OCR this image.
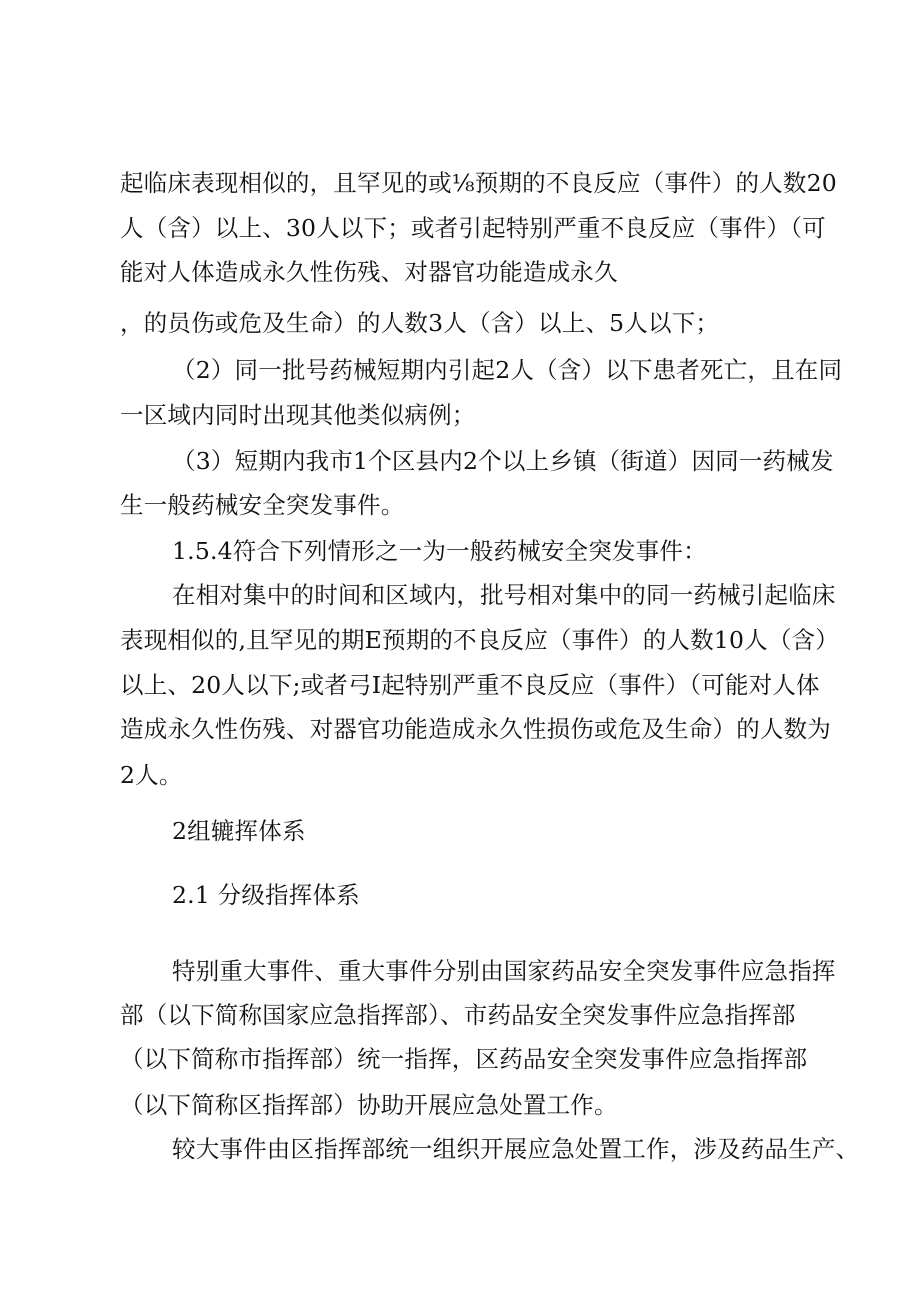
起临床表现相似的，且罕见的或⅛预期的不良反应（事件）的人数20
人（含）以上、30人以下；或者引起特别严重不良反应（事件）（可
能对人体造成永久性伤残、对器官功能造成永久
，的员伤或危及生命）的人数3人（含）以上、5人以下；
（2）同一批号药械短期内引起2人（含）以下患者死亡，且在同
一区域内同时出现其他类似病例；
（3）短期内我市1个区县内2个以上乡镇（街道）因同一药械发
生一般药械安全突发事件。
1.5.4符合下列情形之一为一般药械安全突发事件：
在相对集中的时间和区域内，批号相对集中的同一药械引起临床
表现相似的,且罕见的期E预期的不良反应（事件）的人数10人（含）
以上、20人以下;或者弓I起特别严重不良反应（事件）（可能对人体
造成永久性伤残、对器官功能造成永久性损伤或危及生命）的人数为
2人。
2组辘挥体系
2.1 分级指挥体系
特别重大事件、重大事件分别由国家药品安全突发事件应急指挥
部（以下简称国家应急指挥部）、市药品安全突发事件应急指挥部
（以下简称市指挥部）统一指挥，区药品安全突发事件应急指挥部
（以下简称区指挥部）协助开展应急处置工作。
较大事件由区指挥部统一组织开展应急处置工作，涉及药品生产、
